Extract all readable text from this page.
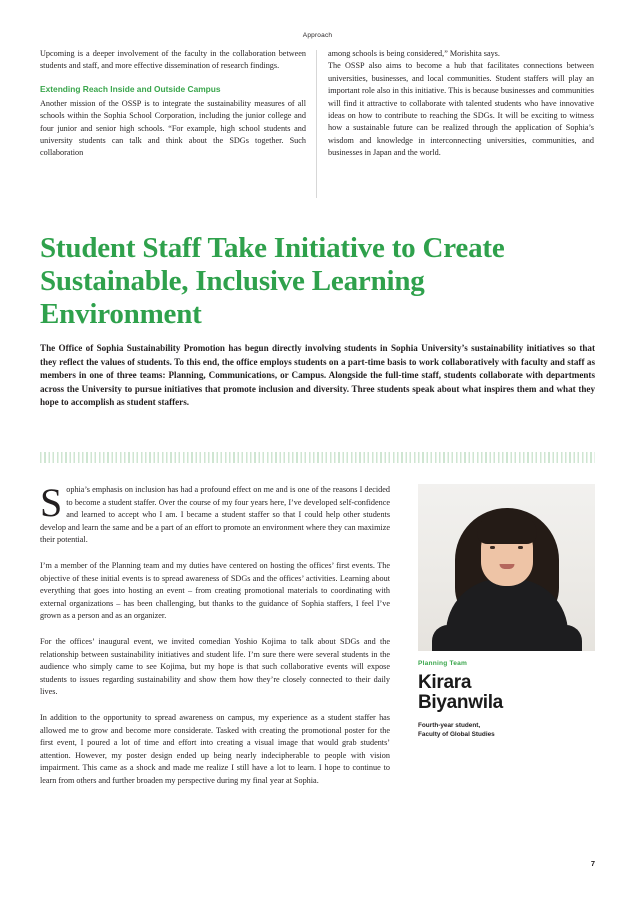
Approach

Upcoming is a deeper involvement of the faculty in the collaboration between students and staff, and more effective dissemination of research findings.

Extending Reach Inside and Outside Campus

Another mission of the OSSP is to integrate the sustainability measures of all schools within the Sophia School Corporation, including the junior college and four junior and senior high schools. “For example, high school students and university students can talk and think about the SDGs together. Such collaboration

among schools is being considered,” Morishita says.

The OSSP also aims to become a hub that facilitates connections between universities, businesses, and local communities. Student staffers will play an important role also in this initiative. This is because businesses and communities will find it attractive to collaborate with talented students who have innovative ideas on how to contribute to reaching the SDGs. It will be exciting to witness how a sustainable future can be realized through the application of Sophia’s wisdom and knowledge in interconnecting universities, communities, and businesses in Japan and the world.

Student Staff Take Initiative to Create Sustainable, Inclusive Learning Environment
The Office of Sophia Sustainability Promotion has begun directly involving students in Sophia University’s sustainability initiatives so that they reflect the values of students. To this end, the office employs students on a part-time basis to work collaboratively with faculty and staff as members in one of three teams: Planning, Communications, or Campus. Alongside the full-time staff, students collaborate with departments across the University to pursue initiatives that promote inclusion and diversity. Three students speak about what inspires them and what they hope to accomplish as student staffers.

Sophia’s emphasis on inclusion has had a profound effect on me and is one of the reasons I decided to become a student staffer. Over the course of my four years here, I’ve developed self-confidence and learned to accept who I am. I became a student staffer so that I could help other students develop and learn the same and be a part of an effort to promote an environment where they can maximize their potential.

I’m a member of the Planning team and my duties have centered on hosting the offices’ first events. The objective of these initial events is to spread awareness of SDGs and the offices’ activities. Learning about everything that goes into hosting an event – from creating promotional materials to coordinating with external organizations – has been challenging, but thanks to the guidance of Sophia staffers, I feel I’ve grown as a person and as an organizer.

For the offices’ inaugural event, we invited comedian Yoshio Kojima to talk about SDGs and the relationship between sustainability initiatives and student life. I’m sure there were several students in the audience who simply came to see Kojima, but my hope is that such collaborative events will expose students to issues regarding sustainability and show them how they’re closely connected to their daily lives.

In addition to the opportunity to spread awareness on campus, my experience as a student staffer has allowed me to grow and become more considerate. Tasked with creating the promotional poster for the first event, I poured a lot of time and effort into creating a visual image that would grab students’ attention. However, my poster design ended up being nearly indecipherable to people with vision impairment. This came as a shock and made me realize I still have a lot to learn. I hope to continue to learn from others and further broaden my perspective during my final year at Sophia.

Planning Team
Kirara
Biyanwila
Fourth-year student,
Faculty of Global Studies
7
